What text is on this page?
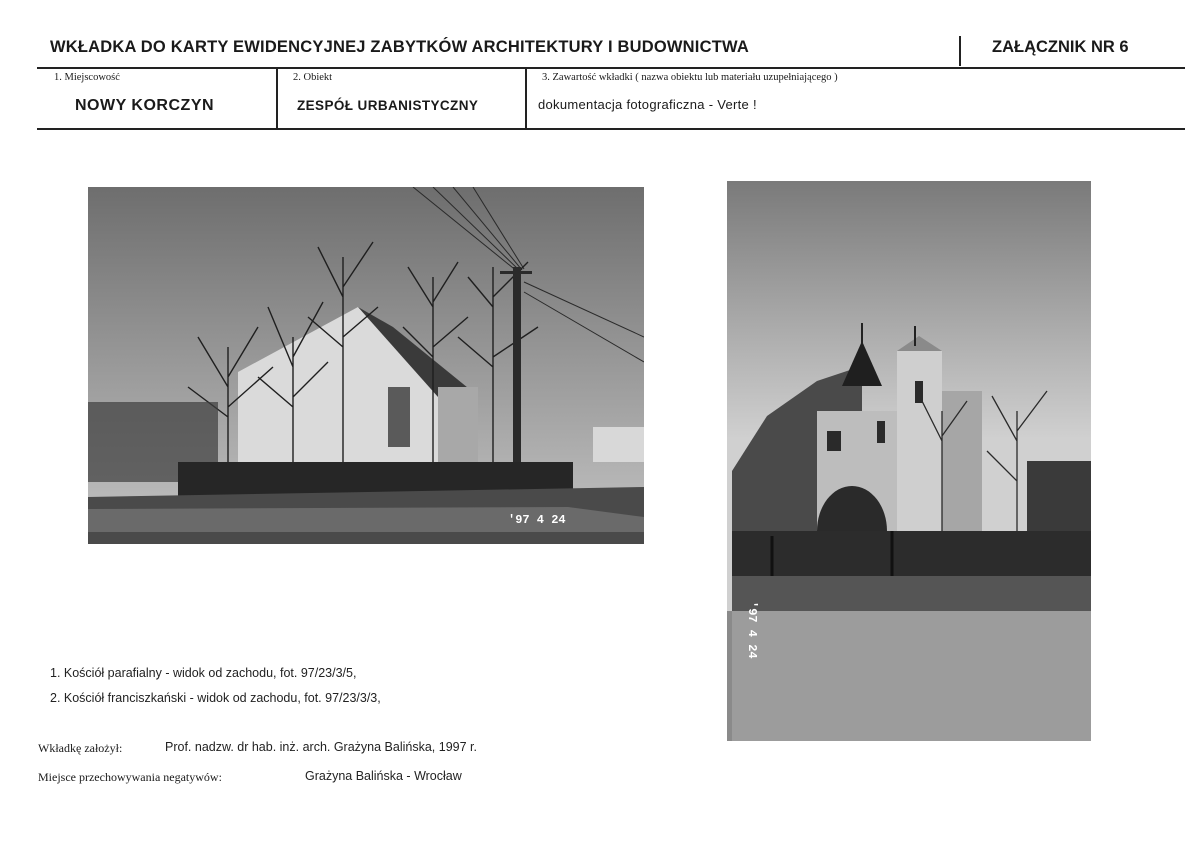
WKŁADKA DO KARTY EWIDENCYJNEJ ZABYTKÓW ARCHITEKTURY I BUDOWNICTWA	ZAŁĄCZNIK NR 6
1. Miejscowość
NOWY KORCZYN
2. Obiekt
ZESPÓŁ URBANISTYCZNY
3. Zawartość wkładki ( nazwa obiektu lub materiału uzupełniającego )
dokumentacja fotograficzna - Verte !
'97 4 24
'97 4 24
1. Kościół parafialny - widok od zachodu, fot. 97/23/3/5,
2. Kościół franciszkański - widok od zachodu, fot. 97/23/3/3,
Wkładkę założył:	Prof. nadzw. dr hab. inż. arch. Grażyna Balińska, 1997 r.
Miejsce przechowywania negatywów:	Grażyna Balińska - Wrocław
